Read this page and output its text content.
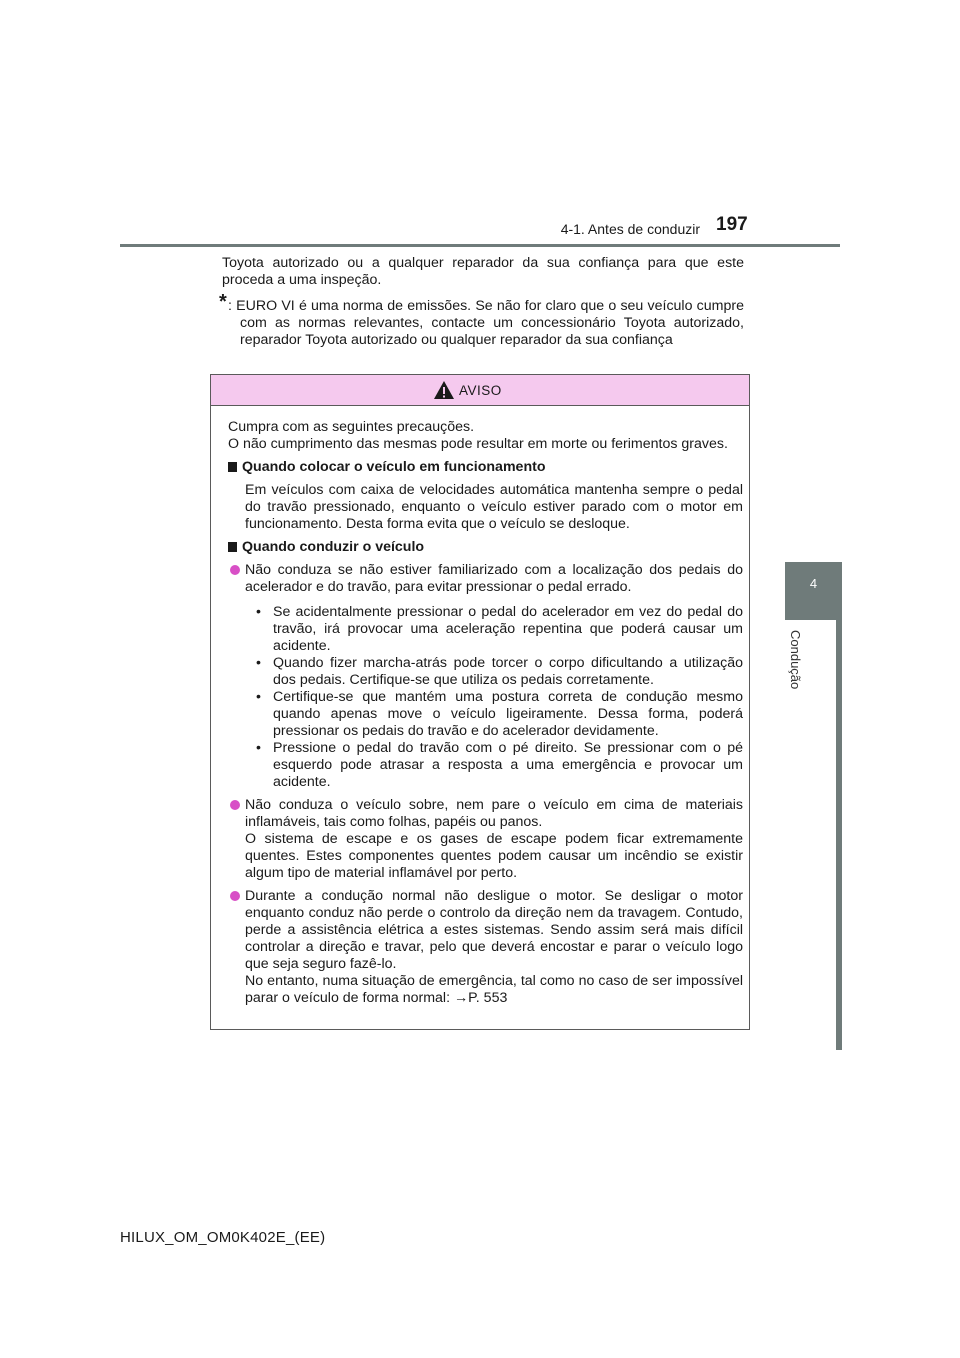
4-1. Antes de conduzir 197
4
Condução
Toyota autorizado ou a qualquer reparador da sua confiança para que este proceda a uma inspeção.
* : EURO VI é uma norma de emissões. Se não for claro que o seu veículo cumpre com as normas relevantes, contacte um concessionário Toyota autorizado, reparador Toyota autorizado ou qualquer reparador da sua confiança
AVISO

Cumpra com as seguintes precauções.

O não cumprimento das mesmas pode resultar em morte ou ferimentos graves.

Quando colocar o veículo em funcionamento
Em veículos com caixa de velocidades automática mantenha sempre o pedal do travão pressionado, enquanto o veículo estiver parado com o motor em funcionamento. Desta forma evita que o veículo se desloque.
Quando conduzir o veículo
Não conduza se não estiver familiarizado com a localização dos pedais do acelerador e do travão, para evitar pressionar o pedal errado.
• Se acidentalmente pressionar o pedal do acelerador em vez do pedal do travão, irá provocar uma aceleração repentina que poderá causar um acidente.
• Quando fizer marcha-atrás pode torcer o corpo dificultando a utilização dos pedais. Certifique-se que utiliza os pedais corretamente.
• Certifique-se que mantém uma postura correta de condução mesmo quando apenas move o veículo ligeiramente. Dessa forma, poderá pressionar os pedais do travão e do acelerador devidamente.
• Pressione o pedal do travão com o pé direito. Se pressionar com o pé esquerdo pode atrasar a resposta a uma emergência e provocar um acidente.
Não conduza o veículo sobre, nem pare o veículo em cima de materiais inflamáveis, tais como folhas, papéis ou panos.
O sistema de escape e os gases de escape podem ficar extremamente quentes. Estes componentes quentes podem causar um incêndio se existir algum tipo de material inflamável por perto.
Durante a condução normal não desligue o motor. Se desligar o motor enquanto conduz não perde o controlo da direção nem da travagem. Contudo, perde a assistência elétrica a estes sistemas. Sendo assim será mais difícil controlar a direção e travar, pelo que deverá encostar e parar o veículo logo que seja seguro fazê-lo.
No entanto, numa situação de emergência, tal como no caso de ser impossível parar o veículo de forma normal: →P. 553
HILUX_OM_OM0K402E_(EE)
